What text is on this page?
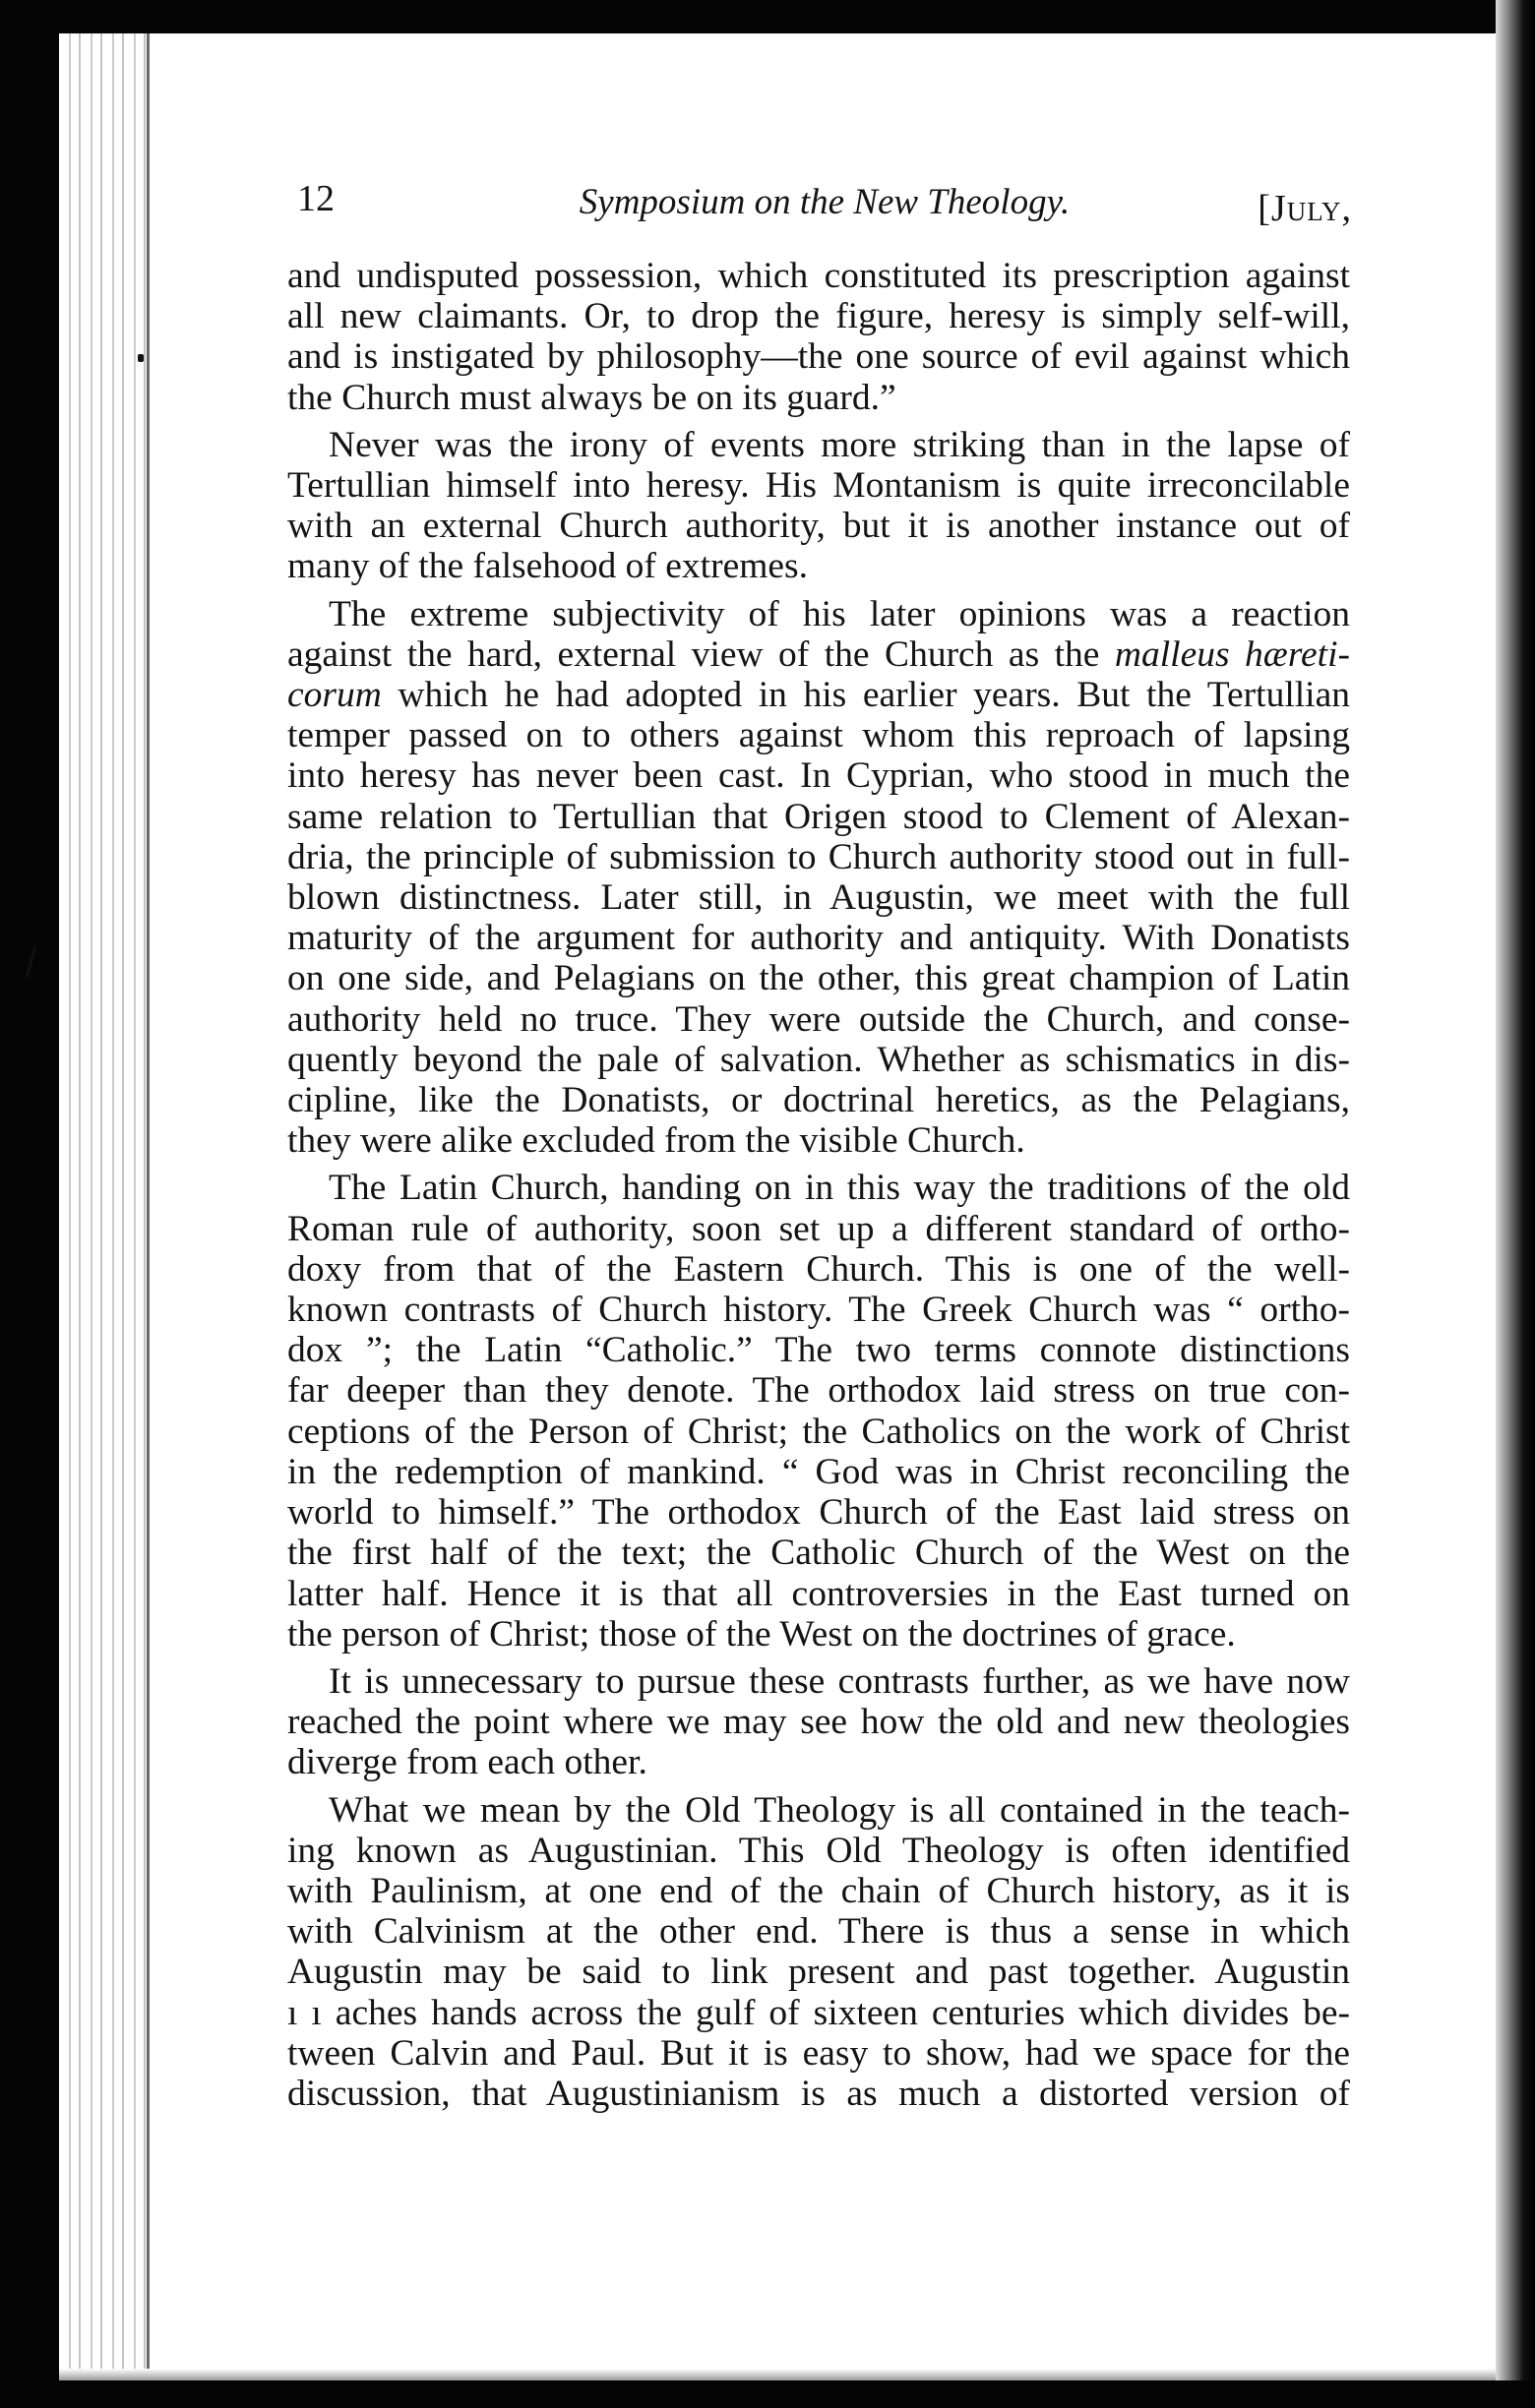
12	Symposium on the New Theology.	[July,

and undisputed possession, which constituted its prescription against
all new claimants. Or, to drop the figure, heresy is simply self-will,
and is instigated by philosophy—the one source of evil against which
the Church must always be on its guard.”

Never was the irony of events more striking than in the lapse of
Tertullian himself into heresy. His Montanism is quite irreconcilable
with an external Church authority, but it is another instance out of
many of the falsehood of extremes.

The extreme subjectivity of his later opinions was a reaction
against the hard, external view of the Church as the malleus hæreti-
corum which he had adopted in his earlier years. But the Tertullian
temper passed on to others against whom this reproach of lapsing
into heresy has never been cast. In Cyprian, who stood in much the
same relation to Tertullian that Origen stood to Clement of Alexan-
dria, the principle of submission to Church authority stood out in full-
blown distinctness. Later still, in Augustin, we meet with the full
maturity of the argument for authority and antiquity. With Donatists
on one side, and Pelagians on the other, this great champion of Latin
authority held no truce. They were outside the Church, and conse-
quently beyond the pale of salvation. Whether as schismatics in dis-
cipline, like the Donatists, or doctrinal heretics, as the Pelagians,
they were alike excluded from the visible Church.

The Latin Church, handing on in this way the traditions of the old
Roman rule of authority, soon set up a different standard of ortho-
doxy from that of the Eastern Church. This is one of the well-
known contrasts of Church history. The Greek Church was “ ortho-
dox ”; the Latin “Catholic.” The two terms connote distinctions
far deeper than they denote. The orthodox laid stress on true con-
ceptions of the Person of Christ; the Catholics on the work of Christ
in the redemption of mankind. “ God was in Christ reconciling the
world to himself.” The orthodox Church of the East laid stress on
the first half of the text; the Catholic Church of the West on the
latter half. Hence it is that all controversies in the East turned on
the person of Christ; those of the West on the doctrines of grace.

It is unnecessary to pursue these contrasts further, as we have now
reached the point where we may see how the old and new theologies
diverge from each other.

What we mean by the Old Theology is all contained in the teach-
ing known as Augustinian. This Old Theology is often identified
with Paulinism, at one end of the chain of Church history, as it is
with Calvinism at the other end. There is thus a sense in which
Augustin may be said to link present and past together. Augustin
ı ı aches hands across the gulf of sixteen centuries which divides be-
tween Calvin and Paul. But it is easy to show, had we space for the
discussion, that Augustinianism is as much a distorted version of
